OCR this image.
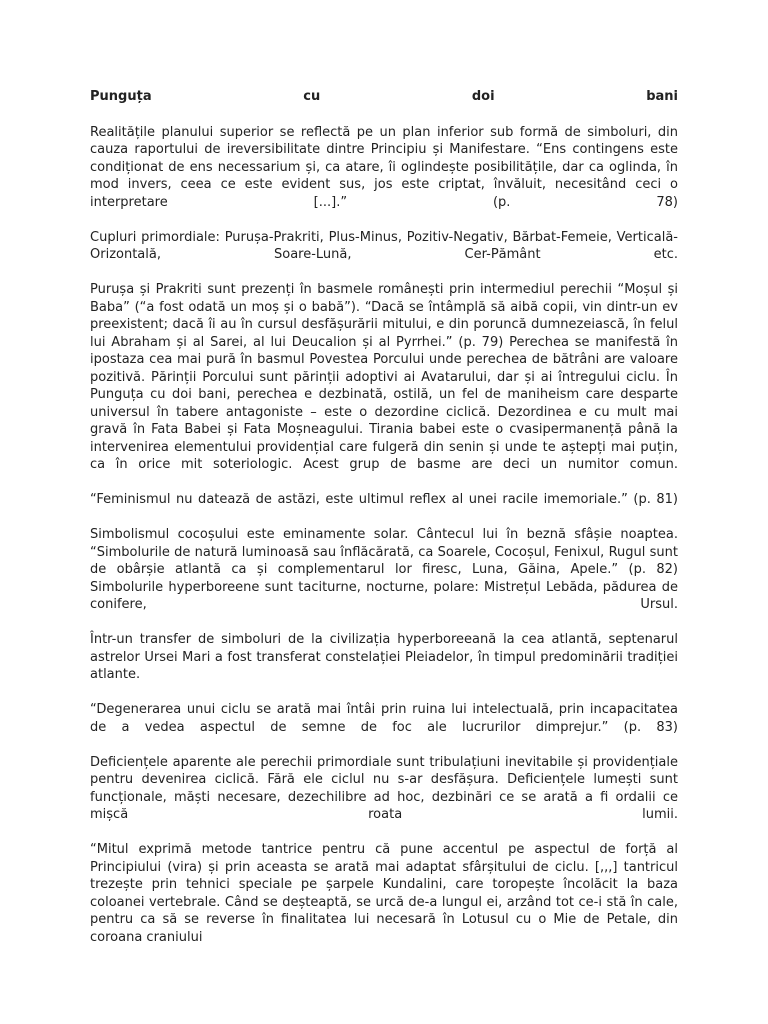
Punguța cu doi bani

Realitățile planului superior se reflectă pe un plan inferior sub formă de simboluri, din cauza raportului de ireversibilitate dintre Principiu și Manifestare. “Ens contingens este condiționat de ens necessarium și, ca atare, îi oglindește posibilitățile, dar ca oglinda, în mod invers, ceea ce este evident sus, jos este criptat, învăluit, necesitând ceci o interpretare [...].” (p. 78)

Cupluri primordiale: Purușa-Prakriti, Plus-Minus, Pozitiv-Negativ, Bărbat-Femeie, Verticală-Orizontală, Soare-Lună, Cer-Pământ etc.

Purușa și Prakriti sunt prezenți în basmele românești prin intermediul perechii “Moșul și Baba” (“a fost odată un moș și o babă”). “Dacă se întâmplă să aibă copii, vin dintr-un ev preexistent; dacă îi au în cursul desfășurării mitului, e din poruncă dumnezeiască, în felul lui Abraham și al Sarei, al lui Deucalion și al Pyrrhei.” (p. 79) Perechea se manifestă în ipostaza cea mai pură în basmul Povestea Porcului unde perechea de bătrâni are valoare pozitivă. Părinții Porcului sunt părinții adoptivi ai Avatarului, dar și ai întregului ciclu. În Punguța cu doi bani, perechea e dezbinată, ostilă, un fel de manihеism care desparte universul în tabere antagoniste – este o dezordine ciclică. Dezordinea e cu mult mai gravă în Fata Babei și Fata Moșneagului. Tirania babei este o cvasipermanență până la intervenirea elementului providențial care fulgeră din senin și unde te aștepți mai puțin, ca în orice mit soteriologic. Acest grup de basme are deci un numitor comun.

“Feminismul nu datează de astăzi, este ultimul reflex al unei racile imemoriale.” (p. 81)

Simbolismul cocoșului este eminamente solar. Cântecul lui în beznă sfâșie noaptea. “Simbolurile de natură luminoasă sau înflăcărată, ca Soarele, Cocoșul, Fenixul, Rugul sunt de obârșie atlantă ca și complementarul lor firesc, Luna, Găina, Apele.” (p. 82) Simbolurile hyperboreene sunt taciturne, nocturne, polare: Mistrețul Lebăda, pădurea de conifere, Ursul.

Într-un transfer de simboluri de la civilizația hyperboreeană la cea atlantă, septenarul astrelor Ursei Mari a fost transferat constelației Pleiadelor, în timpul predominării tradiției atlante.

“Degenerarea unui ciclu se arată mai întâi prin ruina lui intelectuală, prin incapacitatea de a vedea aspectul de semne de foc ale lucrurilor dimprejur.” (p. 83)

Deficiențele aparente ale perechii primordiale sunt tribulațiuni inevitabile și providențiale pentru devenirea ciclică. Fără ele ciclul nu s-ar desfășura. Deficiențele lumești sunt funcționale, măști necesare, dezechilibre ad hoc, dezbinări ce se arată a fi ordalii ce mișcă roata lumii.

“Mitul exprimă metode tantrice pentru că pune accentul pe aspectul de forță al Principiului (vira) și prin aceasta se arată mai adaptat sfârșitului de ciclu. [,,,] tantricul trezește prin tehnici speciale pe șarpele Kundalini, care toropește încolăcit la baza coloanei vertebrale. Când se deșteaptă, se urcă de-a lungul ei, arzând tot ce-i stă în cale, pentru ca să se reverse în finalitatea lui necesară în Lotusul cu o Mie de Petale, din coroana craniului
